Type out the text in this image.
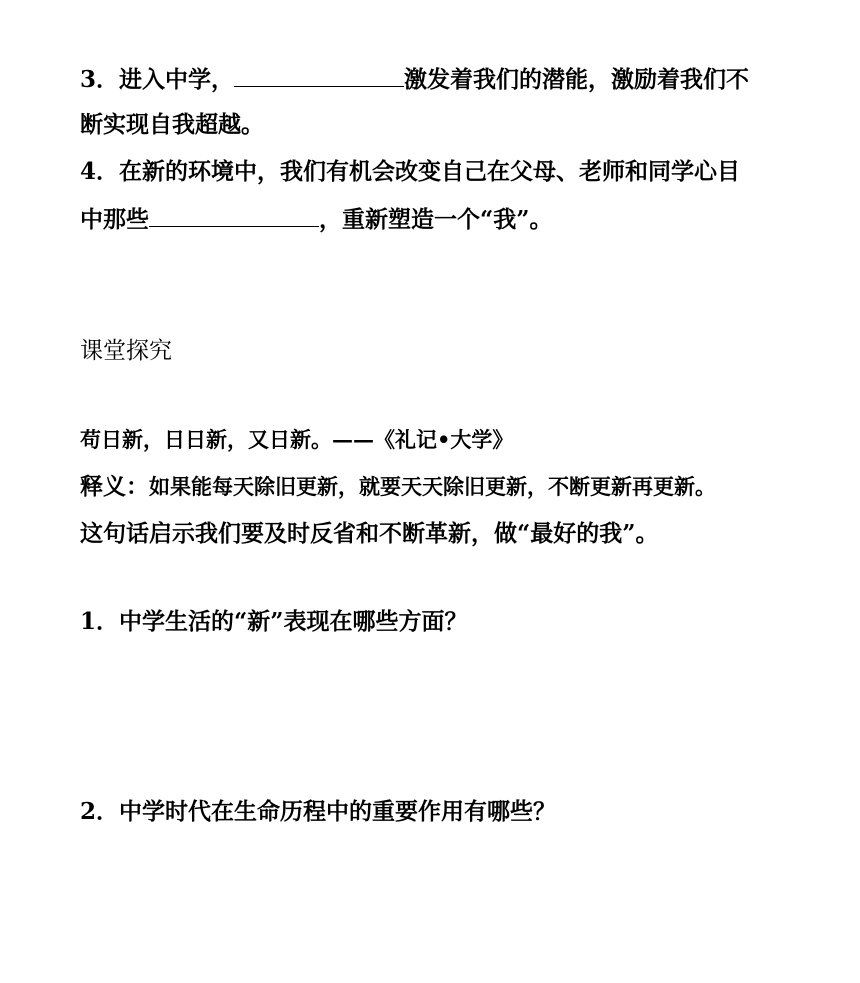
3．进入中学，	激发着我们的潜能，激励着我们不
断实现自我超越。
4．在新的环境中，我们有机会改变自己在父母、老师和同学心目
中那些	，重新塑造一个“我”。
课堂探究
苟日新，日日新，又日新。——《礼记•大学》
释义：如果能每天除旧更新，就要天天除旧更新，不断更新再更新。
这句话启示我们要及时反省和不断革新，做“最好的我”。
1．中学生活的“新”表现在哪些方面？
2．中学时代在生命历程中的重要作用有哪些？
